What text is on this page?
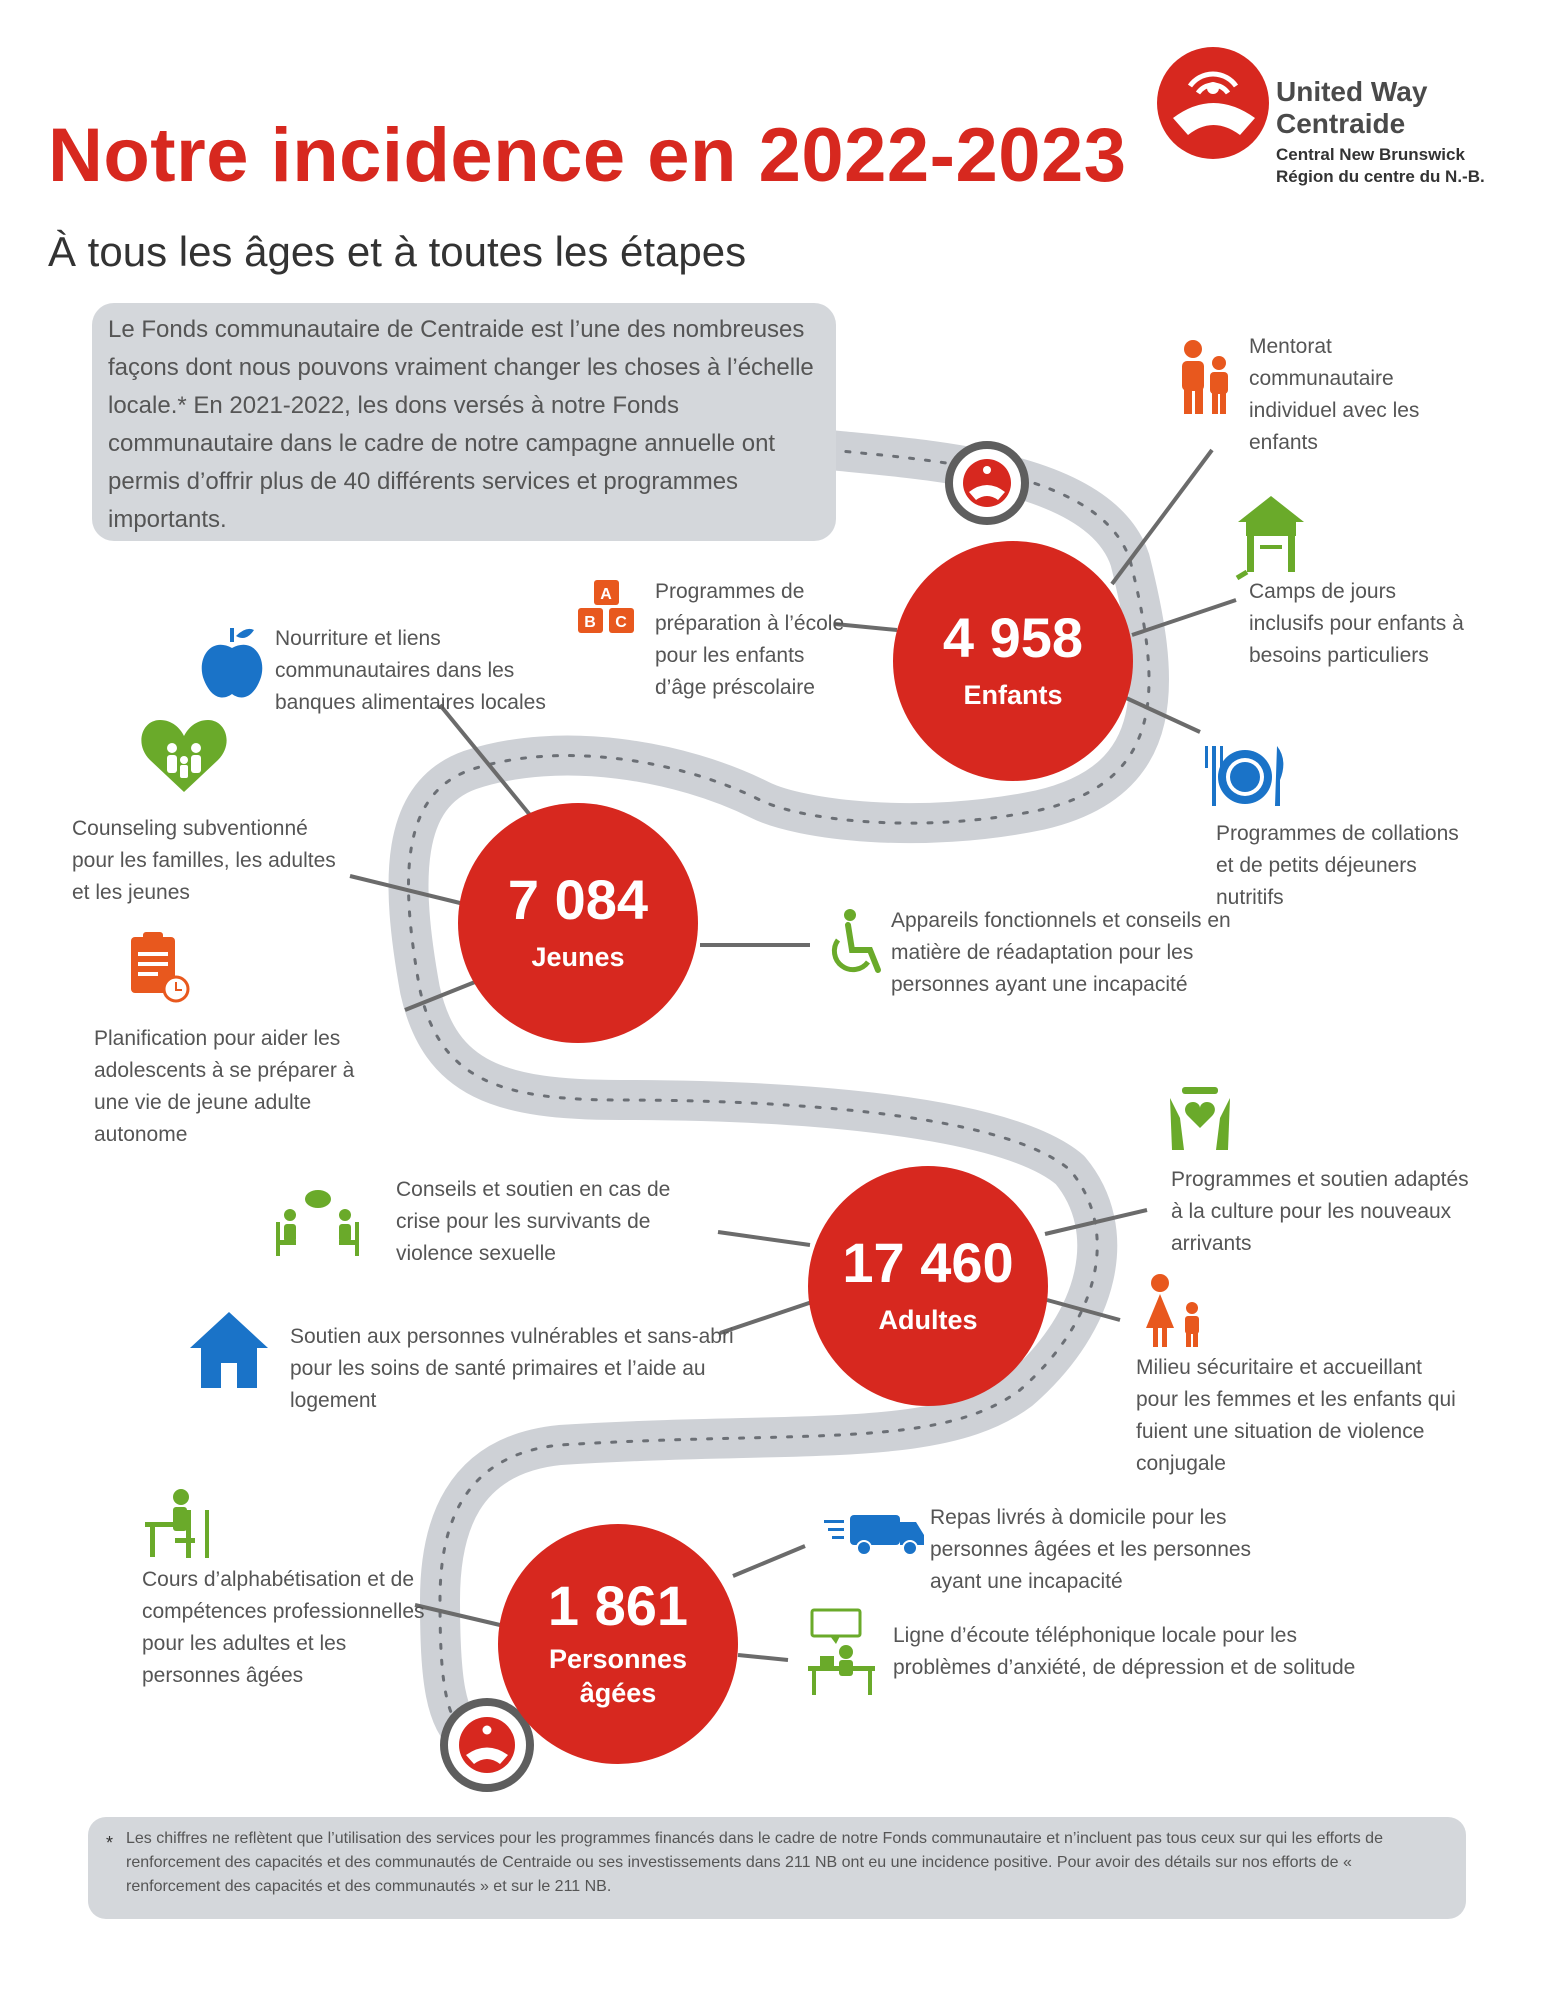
A
B C
Notre incidence en 2022-2023
À tous les âges et à toutes les étapes
United Way
Centraide
Central New Brunswick
Région du centre du N.-B.
Le Fonds communautaire de Centraide est l’une des nombreuses façons dont nous pouvons vraiment changer les choses à l’échelle locale.* En 2021-2022, les dons versés à notre Fonds communautaire dans le cadre de notre campagne annuelle ont permis d’offrir plus de 40 différents services et programmes importants.
4 958
Enfants
7 084
Jeunes
17 460
Adultes
1 861
Personnes
âgées
Mentorat communautaire individuel avec les enfants
Camps de jours inclusifs pour enfants à besoins particuliers
Programmes de collations et de petits déjeuners nutritifs
Programmes de préparation à l’école pour les enfants d’âge préscolaire
Nourriture et liens communautaires dans les banques alimentaires locales
Counseling subventionné pour les familles, les adultes et les jeunes
Planification pour aider les adolescents à se préparer à une vie de jeune adulte autonome
Appareils fonctionnels et conseils en matière de réadaptation pour les personnes ayant une incapacité
Conseils et soutien en cas de crise pour les survivants de violence sexuelle
Soutien aux personnes vulnérables et sans-abri pour les soins de santé primaires et l’aide au logement
Programmes et soutien adaptés à la culture pour les nouveaux arrivants
Milieu sécuritaire et accueillant pour les femmes et les enfants qui fuient une situation de violence conjugale
Cours d’alphabétisation et de compétences professionnelles pour les adultes et les personnes âgées
Repas livrés à domicile pour les personnes âgées et les personnes ayant une incapacité
Ligne d’écoute téléphonique locale pour les problèmes d’anxiété, de dépression et de solitude
* Les chiffres ne reflètent que l’utilisation des services pour les programmes financés dans le cadre de notre Fonds communautaire et n’incluent pas tous ceux sur qui les efforts de renforcement des capacités et des communautés de Centraide ou ses investissements dans 211 NB ont eu une incidence positive. Pour avoir des détails sur nos efforts de « renforcement des capacités et des communautés » et sur le 211 NB.
